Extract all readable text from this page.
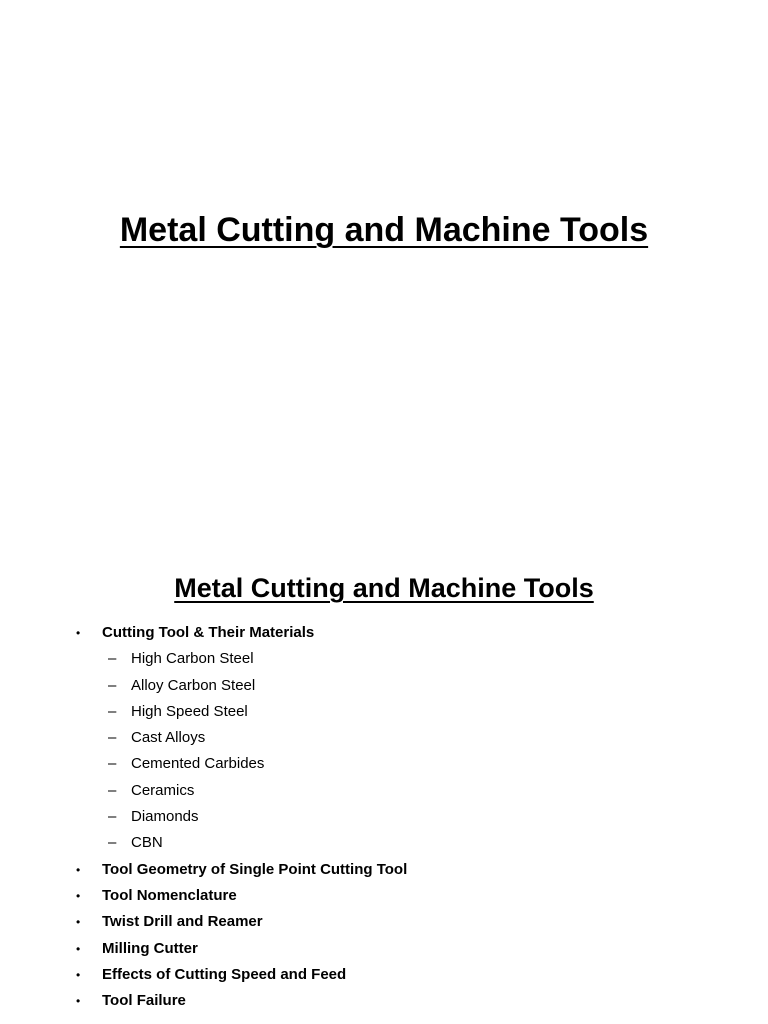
Metal Cutting and Machine Tools
Metal Cutting and Machine Tools
• Cutting Tool & Their Materials
– High Carbon Steel
– Alloy Carbon Steel
– High Speed Steel
– Cast Alloys
– Cemented Carbides
– Ceramics
– Diamonds
– CBN
• Tool Geometry of Single Point Cutting Tool
• Tool Nomenclature
• Twist Drill and Reamer
• Milling Cutter
• Effects of Cutting Speed and Feed
• Tool Failure
